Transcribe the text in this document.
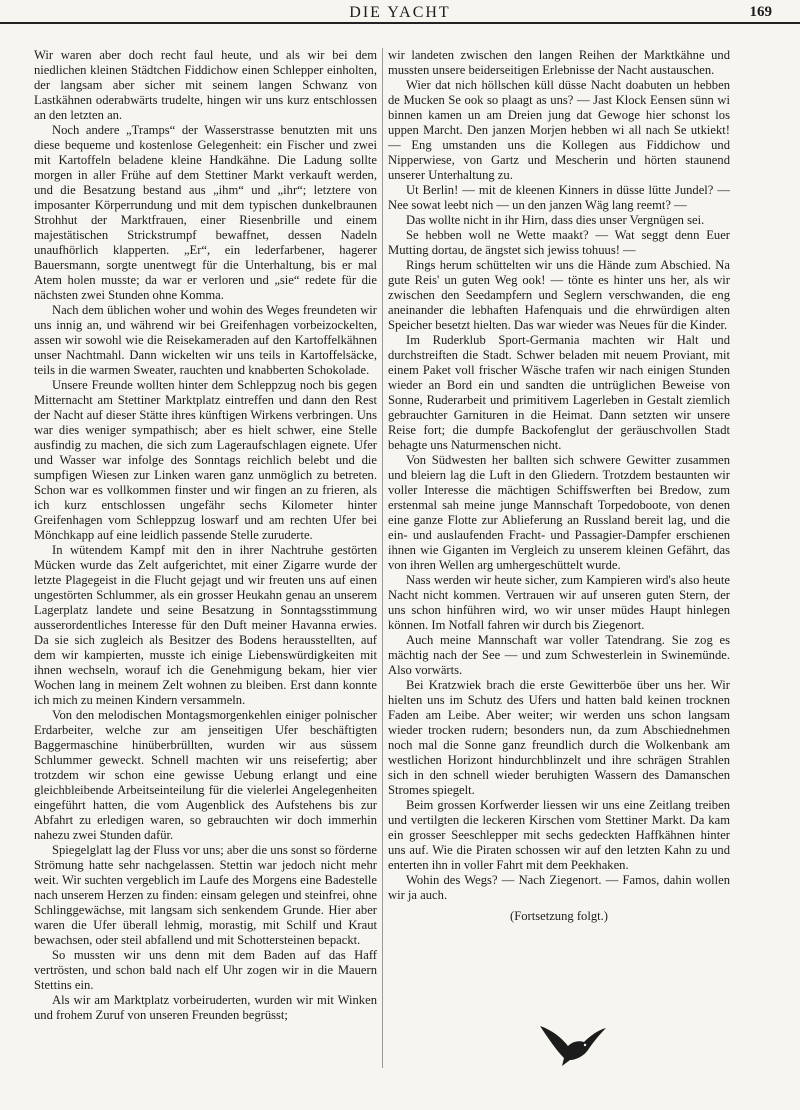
DIE YACHT	169

Wir waren aber doch recht faul heute, und als wir bei dem niedlichen kleinen Städtchen Fiddichow einen Schlepper einholten, der langsam aber sicher mit seinem langen Schwanz von Lastkähnen oderabwärts trudelte, hingen wir uns kurz entschlossen an den letzten an.

Noch andere „Tramps“ der Wasserstrasse benutzten mit uns diese bequeme und kostenlose Gelegenheit: ein Fischer und zwei mit Kartoffeln beladene kleine Handkähne. Die Ladung sollte morgen in aller Frühe auf dem Stettiner Markt verkauft werden, und die Besatzung bestand aus „ihm“ und „ihr“; letztere von imposanter Körperrundung und mit dem typischen dunkelbraunen Strohhut der Marktfrauen, einer Riesenbrille und einem majestätischen Strickstrumpf bewaffnet, dessen Nadeln unaufhörlich klapperten. „Er“, ein lederfarbener, hagerer Bauersmann, sorgte unentwegt für die Unterhaltung, bis er mal Atem holen musste; da war er verloren und „sie“ redete für die nächsten zwei Stunden ohne Komma.

Nach dem üblichen woher und wohin des Weges freundeten wir uns innig an, und während wir bei Greifenhagen vorbeizockelten, assen wir sowohl wie die Reisekameraden auf den Kartoffelkähnen unser Nachtmahl. Dann wickelten wir uns teils in Kartoffelsäcke, teils in die warmen Sweater, rauchten und knabberten Schokolade.

Unsere Freunde wollten hinter dem Schleppzug noch bis gegen Mitternacht am Stettiner Marktplatz eintreffen und dann den Rest der Nacht auf dieser Stätte ihres künftigen Wirkens verbringen. Uns war dies weniger sympathisch; aber es hielt schwer, eine Stelle ausfindig zu machen, die sich zum Lageraufschlagen eignete. Ufer und Wasser war infolge des Sonntags reichlich belebt und die sumpfigen Wiesen zur Linken waren ganz unmöglich zu betreten. Schon war es vollkommen finster und wir fingen an zu frieren, als ich kurz entschlossen ungefähr sechs Kilometer hinter Greifenhagen vom Schleppzug loswarf und am rechten Ufer bei Mönchkapp auf eine leidlich passende Stelle zuruderte.

In wütendem Kampf mit den in ihrer Nachtruhe gestörten Mücken wurde das Zelt aufgerichtet, mit einer Zigarre wurde der letzte Plagegeist in die Flucht gejagt und wir freuten uns auf einen ungestörten Schlummer, als ein grosser Heukahn genau an unserem Lagerplatz landete und seine Besatzung in Sonntagsstimmung ausserordentliches Interesse für den Duft meiner Havanna erwies. Da sie sich zugleich als Besitzer des Bodens herausstellten, auf dem wir kampierten, musste ich einige Liebenswürdigkeiten mit ihnen wechseln, worauf ich die Genehmigung bekam, hier vier Wochen lang in meinem Zelt wohnen zu bleiben. Erst dann konnte ich mich zu meinen Kindern versammeln.

Von den melodischen Montagsmorgenkehlen einiger polnischer Erdarbeiter, welche zur am jenseitigen Ufer beschäftigten Baggermaschine hinüberbrüllten, wurden wir aus süssem Schlummer geweckt. Schnell machten wir uns reisefertig; aber trotzdem wir schon eine gewisse Uebung erlangt und eine gleichbleibende Arbeitseinteilung für die vielerlei Angelegenheiten eingeführt hatten, die vom Augenblick des Aufstehens bis zur Abfahrt zu erledigen waren, so gebrauchten wir doch immerhin nahezu zwei Stunden dafür.

Spiegelglatt lag der Fluss vor uns; aber die uns sonst so förderne Strömung hatte sehr nachgelassen. Stettin war jedoch nicht mehr weit. Wir suchten vergeblich im Laufe des Morgens eine Badestelle nach unserem Herzen zu finden: einsam gelegen und steinfrei, ohne Schlinggewächse, mit langsam sich senkendem Grunde. Hier aber waren die Ufer überall lehmig, morastig, mit Schilf und Kraut bewachsen, oder steil abfallend und mit Schottersteinen bepackt.

So mussten wir uns denn mit dem Baden auf das Haff vertrösten, und schon bald nach elf Uhr zogen wir in die Mauern Stettins ein.

Als wir am Marktplatz vorbeiruderten, wurden wir mit Winken und frohem Zuruf von unseren Freunden begrüsst;

wir landeten zwischen den langen Reihen der Marktkähne und mussten unsere beiderseitigen Erlebnisse der Nacht austauschen.

Wier dat nich höllschen küll düsse Nacht doabuten un hebben de Mucken Se ook so plaagt as uns? — Jast Klock Eensen sünn wi binnen kamen un am Dreien jung dat Gewoge hier schonst los uppen Marcht. Den janzen Morjen hebben wi all nach Se utkiekt! — Eng umstanden uns die Kollegen aus Fiddichow und Nipperwiese, von Gartz und Mescherin und hörten staunend unserer Unterhaltung zu.

Ut Berlin! — mit de kleenen Kinners in düsse lütte Jundel? — Nee sowat leebt nich — un den janzen Wäg lang reemt? —

Das wollte nicht in ihr Hirn, dass dies unser Vergnügen sei.

Se hebben woll ne Wette maakt? — Wat seggt denn Euer Mutting dortau, de ängstet sich jewiss tohuus! —

Rings herum schüttelten wir uns die Hände zum Abschied. Na gute Reis' un guten Weg ook! — tönte es hinter uns her, als wir zwischen den Seedampfern und Seglern verschwanden, die eng aneinander die lebhaften Hafenquais und die ehrwürdigen alten Speicher besetzt hielten. Das war wieder was Neues für die Kinder.

Im Ruderklub Sport-Germania machten wir Halt und durchstreiften die Stadt. Schwer beladen mit neuem Proviant, mit einem Paket voll frischer Wäsche trafen wir nach einigen Stunden wieder an Bord ein und sandten die untrüglichen Beweise von Sonne, Ruderarbeit und primitivem Lagerleben in Gestalt ziemlich gebrauchter Garnituren in die Heimat. Dann setzten wir unsere Reise fort; die dumpfe Backofenglut der geräuschvollen Stadt behagte uns Naturmenschen nicht.

Von Südwesten her ballten sich schwere Gewitter zusammen und bleiern lag die Luft in den Gliedern. Trotzdem bestaunten wir voller Interesse die mächtigen Schiffswerften bei Bredow, zum erstenmal sah meine junge Mannschaft Torpedoboote, von denen eine ganze Flotte zur Ablieferung an Russland bereit lag, und die ein- und auslaufenden Fracht- und Passagier-Dampfer erschienen ihnen wie Giganten im Vergleich zu unserem kleinen Gefährt, das von ihren Wellen arg umhergeschüttelt wurde.

Nass werden wir heute sicher, zum Kampieren wird's also heute Nacht nicht kommen. Vertrauen wir auf unseren guten Stern, der uns schon hinführen wird, wo wir unser müdes Haupt hinlegen können. Im Notfall fahren wir durch bis Ziegenort.

Auch meine Mannschaft war voller Tatendrang. Sie zog es mächtig nach der See — und zum Schwesterlein in Swinemünde. Also vorwärts.

Bei Kratzwiek brach die erste Gewitterböe über uns her. Wir hielten uns im Schutz des Ufers und hatten bald keinen trocknen Faden am Leibe. Aber weiter; wir werden uns schon langsam wieder trocken rudern; besonders nun, da zum Abschiednehmen noch mal die Sonne ganz freundlich durch die Wolkenbank am westlichen Horizont hindurchblinzelt und ihre schrägen Strahlen sich in den schnell wieder beruhigten Wassern des Damanschen Stromes spiegelt.

Beim grossen Korfwerder liessen wir uns eine Zeitlang treiben und vertilgten die leckeren Kirschen vom Stettiner Markt. Da kam ein grosser Seeschlepper mit sechs gedeckten Haffkähnen hinter uns auf. Wie die Piraten schossen wir auf den letzten Kahn zu und enterten ihn in voller Fahrt mit dem Peekhaken.

Wohin des Wegs? — Nach Ziegenort. — Famos, dahin wollen wir ja auch.

(Fortsetzung folgt.)
